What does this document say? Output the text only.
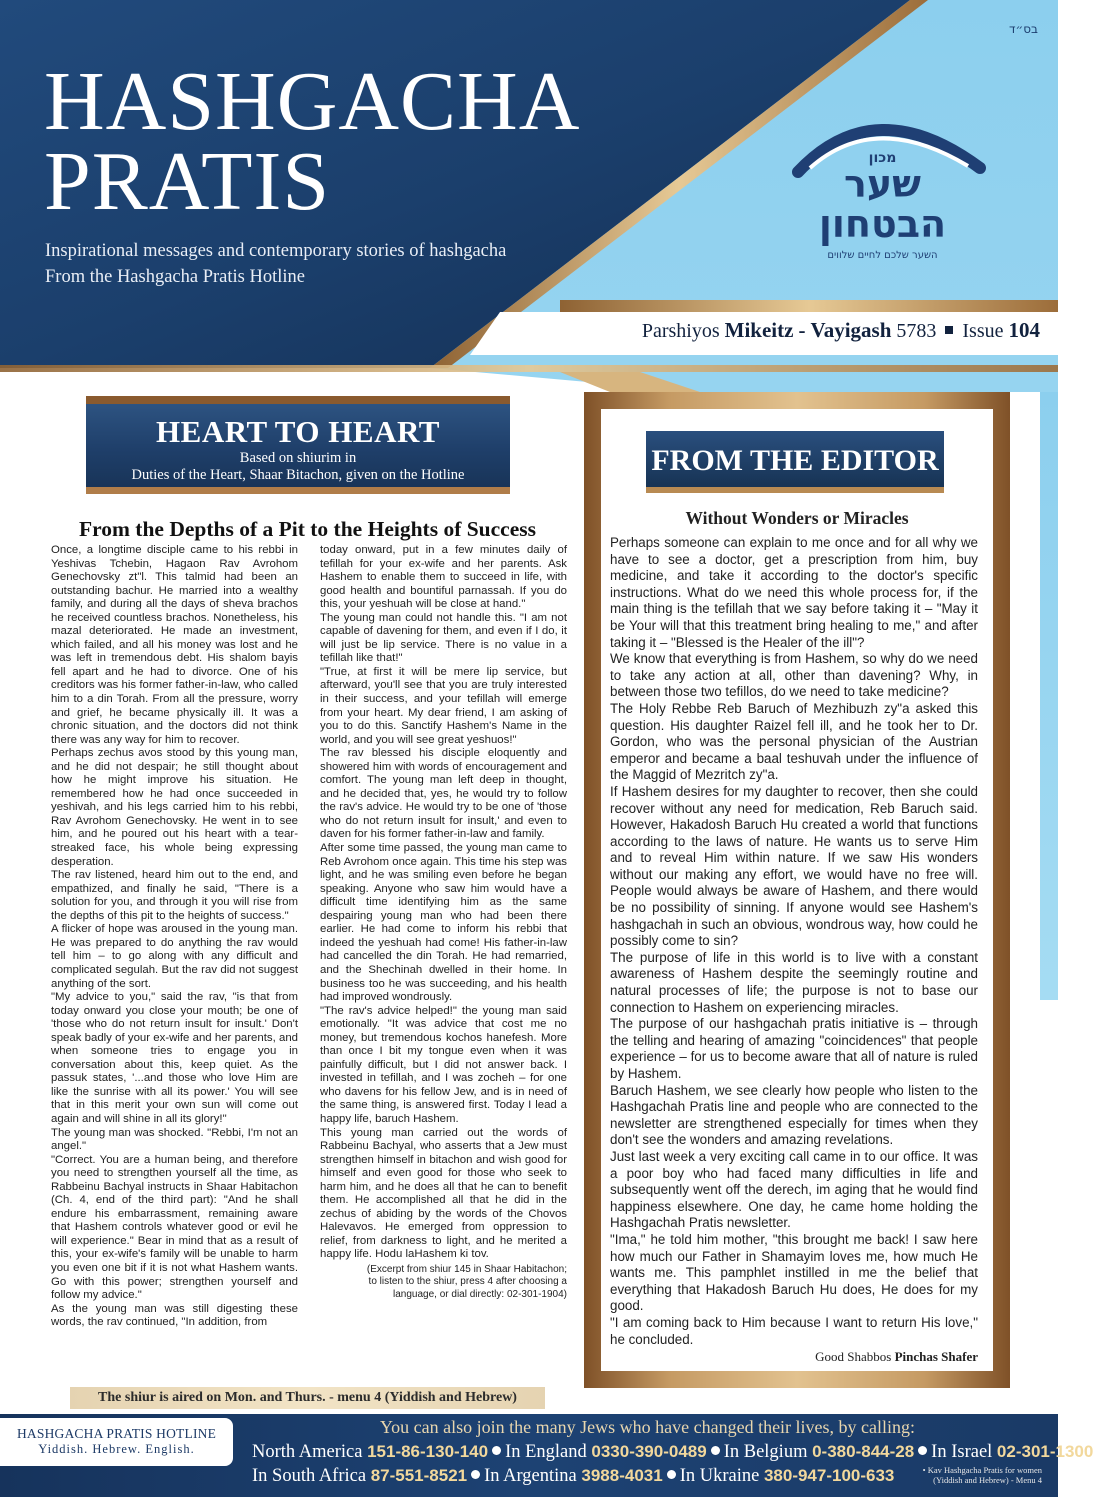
בס״ד
HASHGACHA
PRATIS
Inspirational messages and contemporary stories of hashgacha
From the Hashgacha Pratis Hotline
מכון
שער
הבטחון
השער שלכם לחיים שלווים
Parshiyos Mikeitz - Vayigash 5783 Issue 104
HEART TO HEART
Based on shiurim in
Duties of the Heart, Shaar Bitachon, given on the Hotline
From the Depths of a Pit to the Heights of Success

Once, a longtime disciple came to his rebbi in Yeshivas Tchebin, Hagaon Rav Avrohom Genechovsky zt"l. This talmid had been an outstanding bachur. He married into a wealthy family, and during all the days of sheva brachos he received countless brachos. Nonetheless, his mazal deteriorated. He made an investment, which failed, and all his money was lost and he was left in tremendous debt. His shalom bayis fell apart and he had to divorce. One of his creditors was his former father-in-law, who called him to a din Torah. From all the pressure, worry and grief, he became physically ill. It was a chronic situation, and the doctors did not think there was any way for him to recover.

Perhaps zechus avos stood by this young man, and he did not despair; he still thought about how he might improve his situation. He remembered how he had once succeeded in yeshivah, and his legs carried him to his rebbi, Rav Avrohom Genechovsky. He went in to see him, and he poured out his heart with a tear-streaked face, his whole being expressing desperation.

The rav listened, heard him out to the end, and empathized, and finally he said, "There is a solution for you, and through it you will rise from the depths of this pit to the heights of success."

A flicker of hope was aroused in the young man. He was prepared to do anything the rav would tell him – to go along with any difficult and complicated segulah. But the rav did not suggest anything of the sort.

"My advice to you," said the rav, "is that from today onward you close your mouth; be one of 'those who do not return insult for insult.' Don't speak badly of your ex-wife and her parents, and when someone tries to engage you in conversation about this, keep quiet. As the passuk states, '...and those who love Him are like the sunrise with all its power.' You will see that in this merit your own sun will come out again and will shine in all its glory!"

The young man was shocked. "Rebbi, I'm not an angel."

"Correct. You are a human being, and therefore you need to strengthen yourself all the time, as Rabbeinu Bachyal instructs in Shaar Habitachon (Ch. 4, end of the third part): "And he shall endure his embarrassment, remaining aware that Hashem controls whatever good or evil he will experience." Bear in mind that as a result of this, your ex-wife's family will be unable to harm you even one bit if it is not what Hashem wants. Go with this power; strengthen yourself and follow my advice."

As the young man was still digesting these words, the rav continued, "In addition, from

today onward, put in a few minutes daily of tefillah for your ex-wife and her parents. Ask Hashem to enable them to succeed in life, with good health and bountiful parnassah. If you do this, your yeshuah will be close at hand."

The young man could not handle this. "I am not capable of davening for them, and even if I do, it will just be lip service. There is no value in a tefillah like that!"

"True, at first it will be mere lip service, but afterward, you'll see that you are truly interested in their success, and your tefillah will emerge from your heart. My dear friend, I am asking of you to do this. Sanctify Hashem's Name in the world, and you will see great yeshuos!"

The rav blessed his disciple eloquently and showered him with words of encouragement and comfort. The young man left deep in thought, and he decided that, yes, he would try to follow the rav's advice. He would try to be one of 'those who do not return insult for insult,' and even to daven for his former father-in-law and family.

After some time passed, the young man came to Reb Avrohom once again. This time his step was light, and he was smiling even before he began speaking. Anyone who saw him would have a difficult time identifying him as the same despairing young man who had been there earlier. He had come to inform his rebbi that indeed the yeshuah had come! His father-in-law had cancelled the din Torah. He had remarried, and the Shechinah dwelled in their home. In business too he was succeeding, and his health had improved wondrously.

"The rav's advice helped!" the young man said emotionally. "It was advice that cost me no money, but tremendous kochos hanefesh. More than once I bit my tongue even when it was painfully difficult, but I did not answer back. I invested in tefillah, and I was zocheh – for one who davens for his fellow Jew, and is in need of the same thing, is answered first. Today I lead a happy life, baruch Hashem.

This young man carried out the words of Rabbeinu Bachyal, who asserts that a Jew must strengthen himself in bitachon and wish good for himself and even good for those who seek to harm him, and he does all that he can to benefit them. He accomplished all that he did in the zechus of abiding by the words of the Chovos Halevavos. He emerged from oppression to relief, from darkness to light, and he merited a happy life. Hodu laHashem ki tov.

(Excerpt from shiur 145 in Shaar Habitachon;

to listen to the shiur, press 4 after choosing a

language, or dial directly: 02-301-1904)

The shiur is aired on Mon. and Thurs. - menu 4 (Yiddish and Hebrew)
FROM THE EDITOR
Without Wonders or Miracles

Perhaps someone can explain to me once and for all why we have to see a doctor, get a prescription from him, buy medicine, and take it according to the doctor's specific instructions. What do we need this whole process for, if the main thing is the tefillah that we say before taking it – "May it be Your will that this treatment bring healing to me," and after taking it – "Blessed is the Healer of the ill"?

We know that everything is from Hashem, so why do we need to take any action at all, other than davening? Why, in between those two tefillos, do we need to take medicine?

The Holy Rebbe Reb Baruch of Mezhibuzh zy"a asked this question. His daughter Raizel fell ill, and he took her to Dr. Gordon, who was the personal physician of the Austrian emperor and became a baal teshuvah under the influence of the Maggid of Mezritch zy"a.

If Hashem desires for my daughter to recover, then she could recover without any need for medication, Reb Baruch said. However, Hakadosh Baruch Hu created a world that functions according to the laws of nature. He wants us to serve Him and to reveal Him within nature. If we saw His wonders without our making any effort, we would have no free will. People would always be aware of Hashem, and there would be no possibility of sinning. If anyone would see Hashem's hashgachah in such an obvious, wondrous way, how could he possibly come to sin?

The purpose of life in this world is to live with a constant awareness of Hashem despite the seemingly routine and natural processes of life; the purpose is not to base our connection to Hashem on experiencing miracles.

The purpose of our hashgachah pratis initiative is – through the telling and hearing of amazing "coincidences" that people experience – for us to become aware that all of nature is ruled by Hashem.

Baruch Hashem, we see clearly how people who listen to the Hashgachah Pratis line and people who are connected to the newsletter are strengthened especially for times when they don't see the wonders and amazing revelations.

Just last week a very exciting call came in to our office. It was a poor boy who had faced many difficulties in life and subsequently went off the derech, im aging that he would find happiness elsewhere. One day, he came home holding the Hashgachah Pratis newsletter.

"Ima," he told him mother, "this brought me back! I saw here how much our Father in Shamayim loves me, how much He wants me. This pamphlet instilled in me the belief that everything that Hakadosh Baruch Hu does, He does for my good.

"I am coming back to Him because I want to return His love," he concluded.

Good Shabbos Pinchas Shafer
HASHGACHA PRATIS HOTLINE
Yiddish. Hebrew. English.
You can also join the many Jews who have changed their lives, by calling:
North America 151-86-130-140 In England 0330-390-0489 In Belgium 0-380-844-28 In Israel 02-301-1300
In South Africa 87-551-8521 In Argentina 3988-4031 In Ukraine 380-947-100-633	• Kav Hashgacha Pratis for women
(Yiddish and Hebrew) - Menu 4
